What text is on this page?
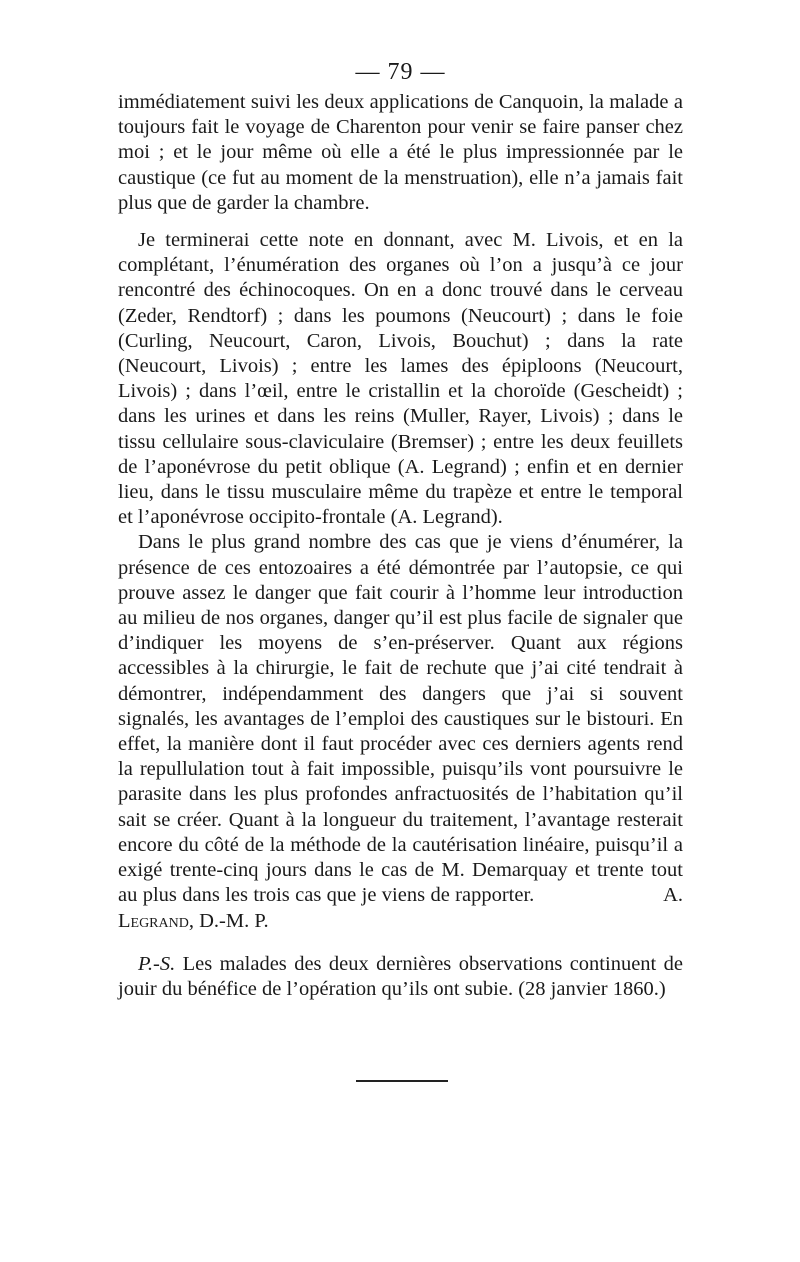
— 79 —

immédiatement suivi les deux applications de Canquoin, la malade a toujours fait le voyage de Charenton pour venir se faire panser chez moi ; et le jour même où elle a été le plus impressionnée par le caustique (ce fut au moment de la menstruation), elle n’a jamais fait plus que de garder la chambre.

Je terminerai cette note en donnant, avec M. Livois, et en la complétant, l’énumération des organes où l’on a jusqu’à ce jour rencontré des échinocoques. On en a donc trouvé dans le cerveau (Zeder, Rendtorf) ; dans les poumons (Neucourt) ; dans le foie (Curling, Neucourt, Caron, Livois, Bouchut) ; dans la rate (Neucourt, Livois) ; entre les lames des épiploons (Neucourt, Livois) ; dans l’œil, entre le cristallin et la choroïde (Gescheidt) ; dans les urines et dans les reins (Muller, Rayer, Livois) ; dans le tissu cellulaire sous-claviculaire (Bremser) ; entre les deux feuillets de l’aponévrose du petit oblique (A. Legrand) ; enfin et en dernier lieu, dans le tissu musculaire même du trapèze et entre le temporal et l’aponévrose occipito-frontale (A. Legrand).

Dans le plus grand nombre des cas que je viens d’énumérer, la présence de ces entozoaires a été démontrée par l’autopsie, ce qui prouve assez le danger que fait courir à l’homme leur introduction au milieu de nos organes, danger qu’il est plus facile de signaler que d’indiquer les moyens de s’en-préserver. Quant aux régions accessibles à la chirurgie, le fait de rechute que j’ai cité tendrait à démontrer, indépendamment des dangers que j’ai si souvent signalés, les avantages de l’emploi des caustiques sur le bistouri. En effet, la manière dont il faut procéder avec ces derniers agents rend la repullulation tout à fait impossible, puisqu’ils vont poursuivre le parasite dans les plus profondes anfractuosités de l’habitation qu’il sait se créer. Quant à la longueur du traitement, l’avantage resterait encore du côté de la méthode de la cautérisation linéaire, puisqu’il a exigé trente-cinq jours dans le cas de M. Demarquay et trente tout au plus dans les trois cas que je viens de rapporter.	A. Legrand, D.-M. P.

P.-S. Les malades des deux dernières observations continuent de jouir du bénéfice de l’opération qu’ils ont subie. (28 janvier 1860.)
